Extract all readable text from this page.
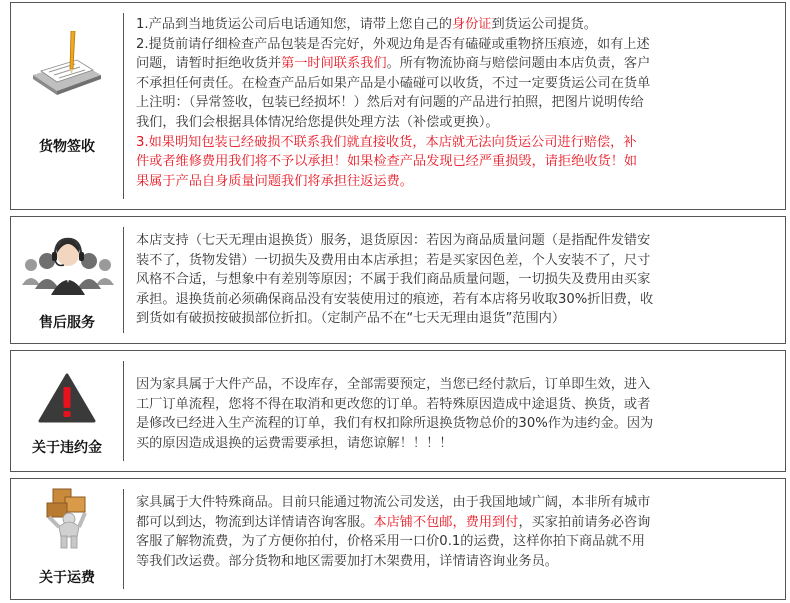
货物签收
1.产品到当地货运公司后电话通知您，请带上您自己的身份证到货运公司提货。
2.提货前请仔细检查产品包装是否完好，外观边角是否有磕碰或重物挤压痕迹，如有上述
问题，请暂时拒绝收货并第一时间联系我们。所有物流协商与赔偿问题由本店负责，客户
不承担任何责任。在检查产品后如果产品是小磕碰可以收货，不过一定要货运公司在货单
上注明：（异常签收，包装已经损坏！）然后对有问题的产品进行拍照，把图片说明传给
我们，我们会根据具体情况给您提供处理方法（补偿或更换）。
3.如果明知包装已经破损不联系我们就直接收货，本店就无法向货运公司进行赔偿，补
件或者维修费用我们将不予以承担！如果检查产品发现已经严重损毁，请拒绝收货！如
果属于产品自身质量问题我们将承担往返运费。
售后服务
本店支持（七天无理由退换货）服务，退货原因：若因为商品质量问题（是指配件发错安
装不了，货物发错）一切损失及费用由本店承担；若是买家因色差，个人安装不了，尺寸
风格不合适，与想象中有差别等原因；不属于我们商品质量问题，一切损失及费用由买家
承担。退换货前必须确保商品没有安装使用过的痕迹，若有本店将另收取30%折旧费，收
到货如有破损按破损部位折扣。（定制产品不在“七天无理由退货”范围内）
关于违约金
因为家具属于大件产品，不设库存，全部需要预定，当您已经付款后，订单即生效，进入
工厂订单流程，您将不得在取消和更改您的订单。若特殊原因造成中途退货、换货，或者
是修改已经进入生产流程的订单，我们有权扣除所退换货物总价的30%作为违约金。因为
买的原因造成退换的运费需要承担，请您谅解！！！！
关于运费
家具属于大件特殊商品。目前只能通过物流公司发送，由于我国地域广阔，本非所有城市
都可以到达，物流到达详情请咨询客服。本店铺不包邮，费用到付，买家拍前请务必咨询
客服了解物流费，为了方便你拍付，价格采用一口价0.1的运费，这样你拍下商品就不用
等我们改运费。部分货物和地区需要加打木架费用，详情请咨询业务员。
